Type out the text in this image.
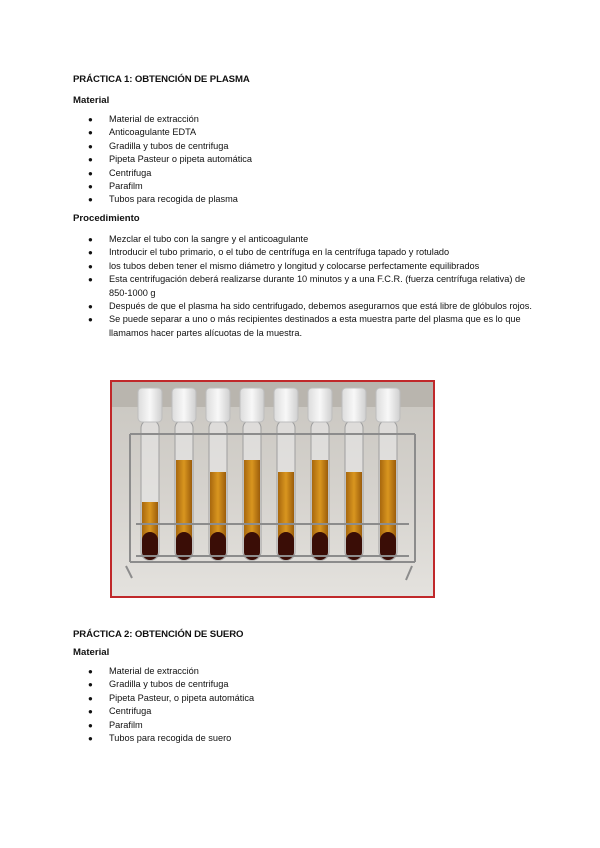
PRÁCTICA 1: OBTENCIÓN DE PLASMA
Material
● Material de extracción
● Anticoagulante EDTA
● Gradilla y tubos de centrifuga
● Pipeta Pasteur o pipeta automática
● Centrifuga
● Parafilm
● Tubos para recogida de plasma
Procedimiento
● Mezclar el tubo con la sangre y el anticoagulante
● Introducir el tubo primario, o el tubo de centrífuga en la centrífuga tapado y rotulado
● los tubos deben tener el mismo diámetro y longitud y colocarse perfectamente equilibrados
● Esta centrifugación deberá realizarse durante 10 minutos y a una F.C.R. (fuerza centrífuga relativa) de 850-1000 g
● Después de que el plasma ha sido centrifugado, debemos asegurarnos que está libre de glóbulos rojos.
● Se puede separar a uno o más recipientes destinados a esta muestra parte del plasma que es lo que llamamos hacer partes alícuotas de la muestra.
PRÁCTICA 2: OBTENCIÓN DE SUERO
Material
● Material de extracción
● Gradilla y tubos de centrifuga
● Pipeta Pasteur, o pipeta automática
● Centrifuga
● Parafilm
● Tubos para recogida de suero
